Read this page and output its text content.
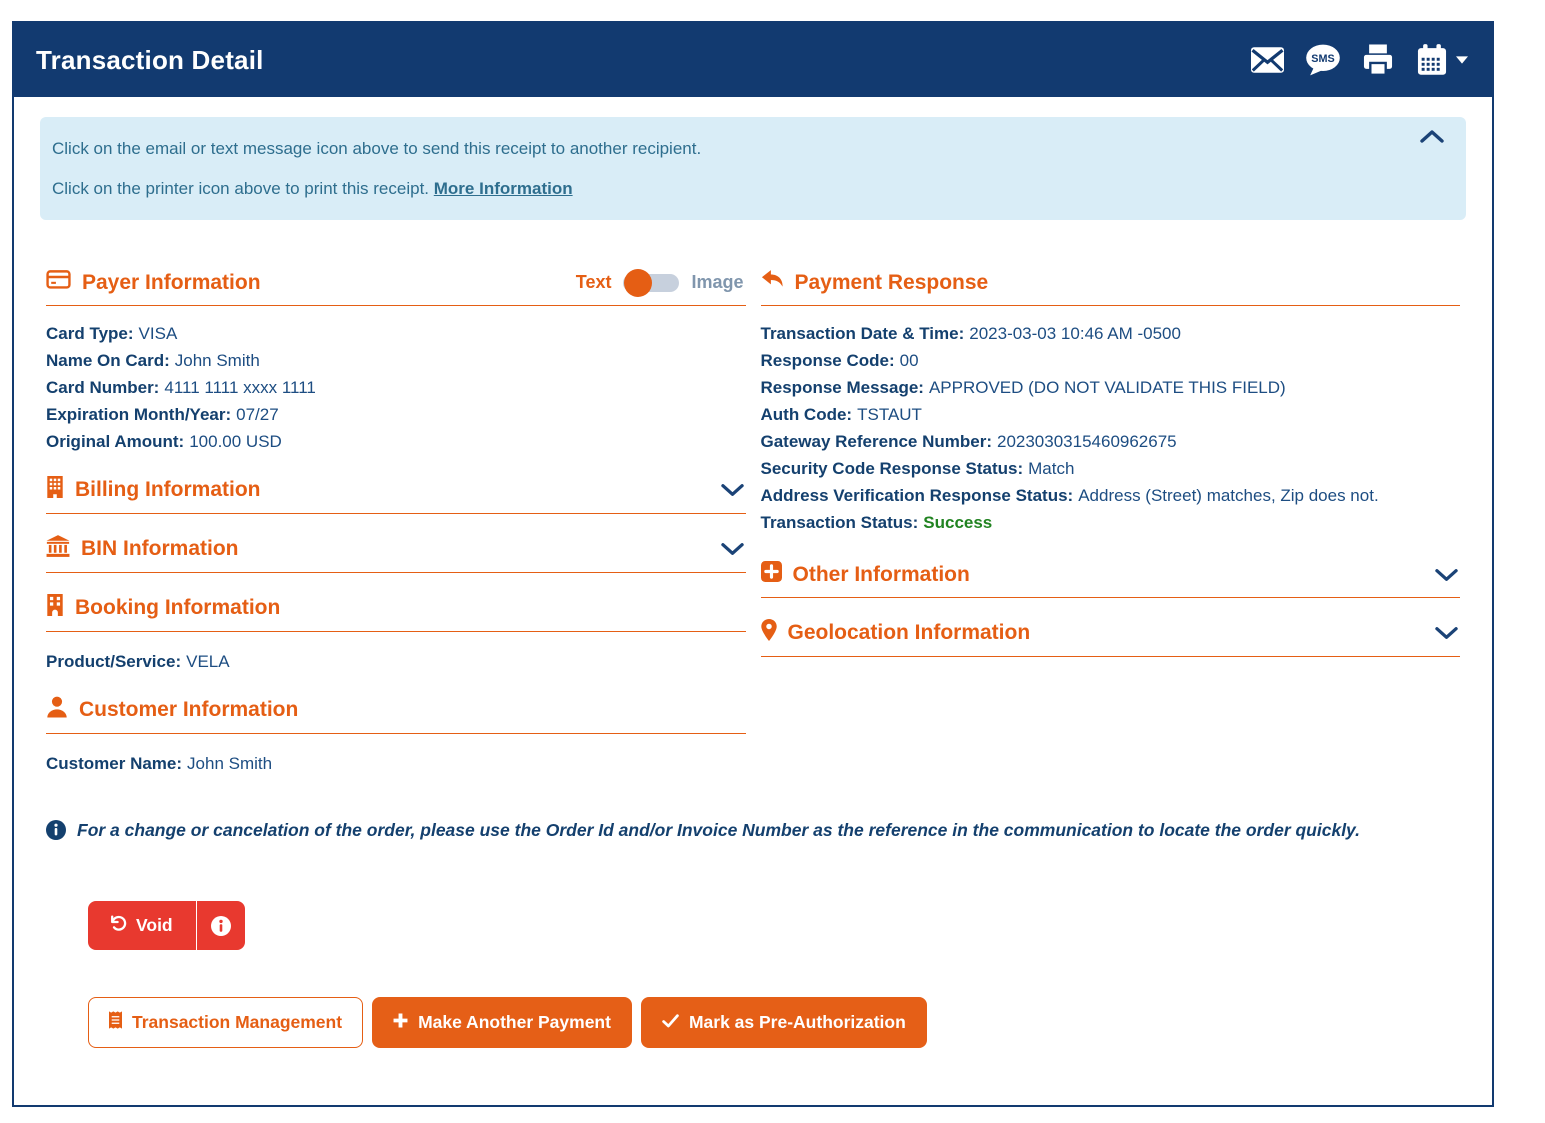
Transaction Detail	SMS

Click on the email or text message icon above to send this receipt to another recipient.

Click on the printer icon above to print this receipt. More Information

Payer Information	Text	Image
Card Type: VISA
Name On Card: John Smith
Card Number: 4111 1111 xxxx 1111
Expiration Month/Year: 07/27
Original Amount: 100.00 USD
Billing Information
BIN Information
Booking Information
Product/Service: VELA
Customer Information
Customer Name: John Smith
Payment Response
Transaction Date & Time: 2023-03-03 10:46 AM -0500
Response Code: 00
Response Message: APPROVED (DO NOT VALIDATE THIS FIELD)
Auth Code: TSTAUT
Gateway Reference Number: 2023030315460962675
Security Code Response Status: Match
Address Verification Response Status: Address (Street) matches, Zip does not.
Transaction Status: Success
Other Information
Geolocation Information
For a change or cancelation of the order, please use the Order Id and/or Invoice Number as the reference in the communication to locate the order quickly.
Void
Transaction Management	Make Another Payment	Mark as Pre-Authorization
